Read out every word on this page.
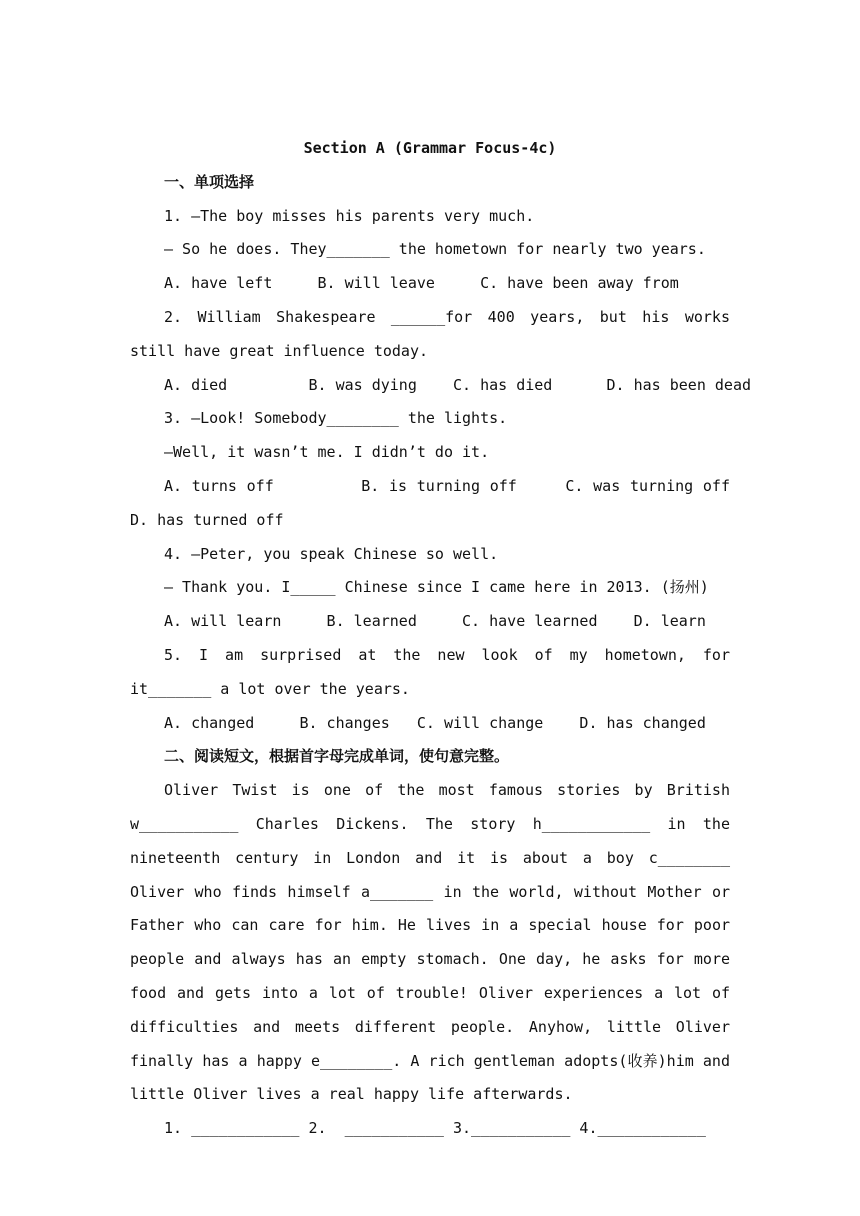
Section A (Grammar Focus-4c)

一、单项选择

1. —The boy misses his parents very much.

— So he does. They_______ the hometown for nearly two years.

A. have left     B. will leave     C. have been away from

2. William Shakespeare ______for 400 years, but his works still have great influence today.

A. died         B. was dying    C. has died      D. has been dead

3. —Look! Somebody________ the lights.

—Well, it wasn’t me. I didn’t do it.

A. turns off         B. is turning off     C. was turning off  D. has turned off

4. —Peter, you speak Chinese so well.

— Thank you. I_____ Chinese since I came here in 2013. (扬州)

A. will learn     B. learned     C. have learned    D. learn

5. I am surprised at the new look of my hometown, for it_______ a lot over the years.

A. changed     B. changes   C. will change    D. has changed

二、阅读短文，根据首字母完成单词，使句意完整。

Oliver Twist is one of the most famous stories by British w___________ Charles Dickens. The story h____________ in the nineteenth century in London and it is about a boy c________ Oliver who finds himself a_______ in the world, without Mother or Father who can care for him. He lives in a special house for poor people and always has an empty stomach. One day, he asks for more food and gets into a lot of trouble! Oliver experiences a lot of difficulties and meets different people. Anyhow, little Oliver finally has a happy e________. A rich gentleman adopts(收养)him and little Oliver lives a real happy life afterwards.

1. ____________ 2.  ___________ 3.___________ 4.____________
